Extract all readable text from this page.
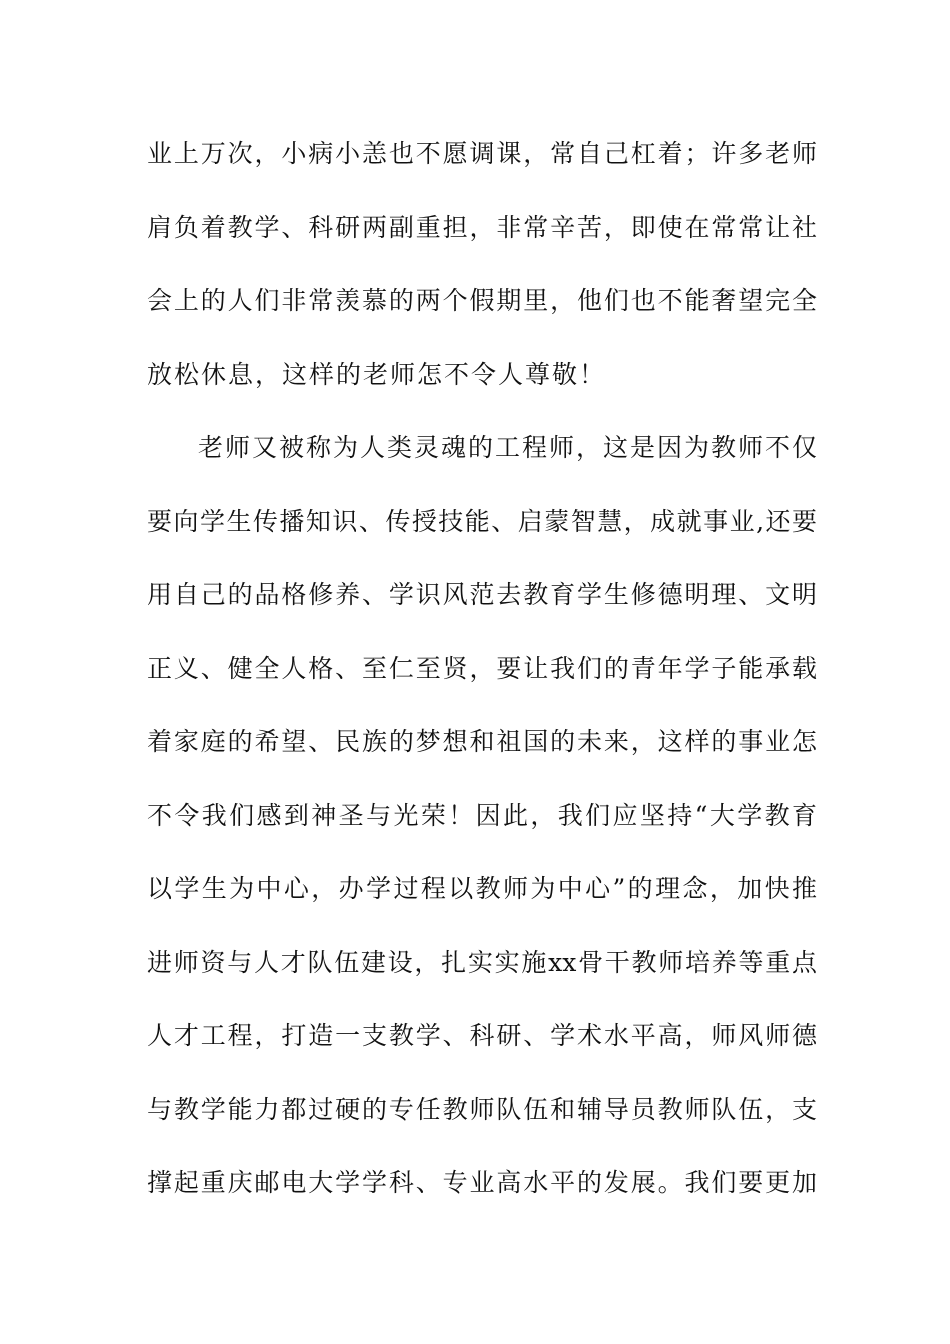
业上万次，小病小恙也不愿调课，常自己杠着；许多老师
肩负着教学、科研两副重担，非常辛苦，即使在常常让社
会上的人们非常羡慕的两个假期里，他们也不能奢望完全
放松休息，这样的老师怎不令人尊敬！
老师又被称为人类灵魂的工程师，这是因为教师不仅
要向学生传播知识、传授技能、启蒙智慧，成就事业,还要
用自己的品格修养、学识风范去教育学生修德明理、文明
正义、健全人格、至仁至贤，要让我们的青年学子能承载
着家庭的希望、民族的梦想和祖国的未来，这样的事业怎
不令我们感到神圣与光荣！因此，我们应坚持“大学教育
以学生为中心，办学过程以教师为中心”的理念，加快推
进师资与人才队伍建设，扎实实施xx骨干教师培养等重点
人才工程，打造一支教学、科研、学术水平高，师风师德
与教学能力都过硬的专任教师队伍和辅导员教师队伍，支
撑起重庆邮电大学学科、专业高水平的发展。我们要更加
